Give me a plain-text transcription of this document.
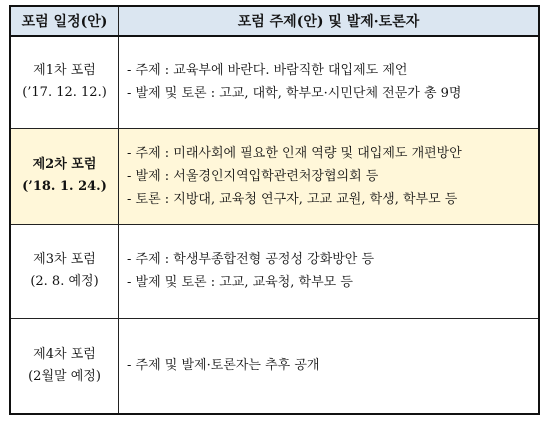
포럼 일정(안)	포럼 주제(안) 및 발제·토론자

제1차 포럼
(’17. 12. 12.)	- 주제 : 교육부에 바란다. 바람직한 대입제도 제언
- 발제 및 토론 : 고교, 대학, 학부모·시민단체 전문가 총 9명

제2차 포럼
(’18. 1. 24.)	- 주제 : 미래사회에 필요한 인재 역량 및 대입제도 개편방안
- 발제 : 서울경인지역입학관련처장협의회 등
- 토론 : 지방대, 교육청 연구자, 고교 교원, 학생, 학부모 등

제3차 포럼
(2. 8. 예정)	- 주제 : 학생부종합전형 공정성 강화방안 등
- 발제 및 토론 : 고교, 교육청, 학부모 등

제4차 포럼
(2월말 예정)	- 주제 및 발제·토론자는 추후 공개
